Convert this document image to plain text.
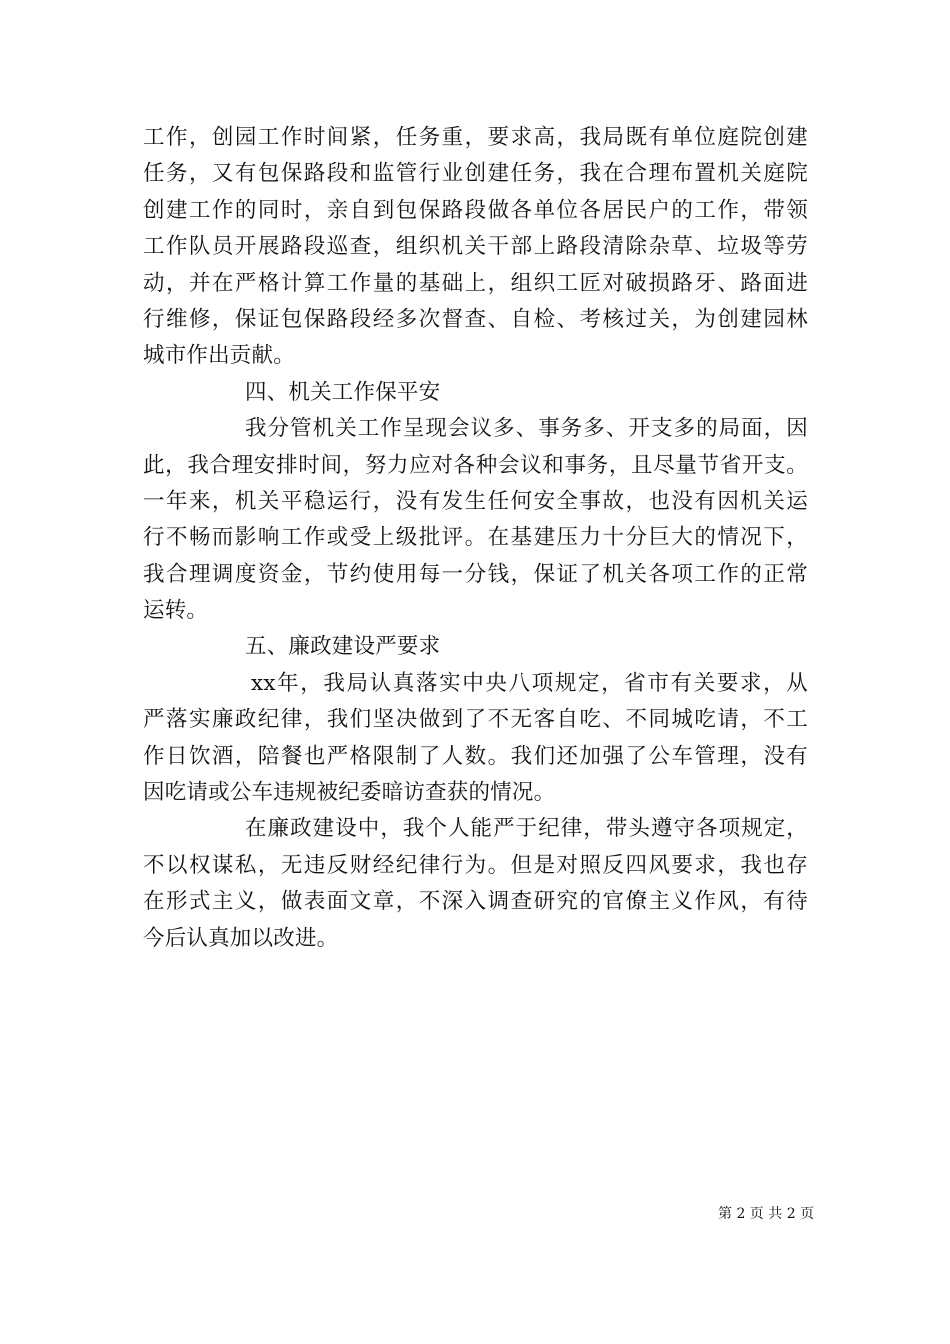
工作，创园工作时间紧，任务重，要求高，我局既有单位庭院创建
任务，又有包保路段和监管行业创建任务，我在合理布置机关庭院
创建工作的同时，亲自到包保路段做各单位各居民户的工作，带领
工作队员开展路段巡查，组织机关干部上路段清除杂草、垃圾等劳
动，并在严格计算工作量的基础上，组织工匠对破损路牙、路面进
行维修，保证包保路段经多次督查、自检、考核过关，为创建园林
城市作出贡献。
四、机关工作保平安
我分管机关工作呈现会议多、事务多、开支多的局面，因
此，我合理安排时间，努力应对各种会议和事务，且尽量节省开支。
一年来，机关平稳运行，没有发生任何安全事故，也没有因机关运
行不畅而影响工作或受上级批评。在基建压力十分巨大的情况下，
我合理调度资金，节约使用每一分钱，保证了机关各项工作的正常
运转。
五、廉政建设严要求
xx年，我局认真落实中央八项规定，省市有关要求，从
严落实廉政纪律，我们坚决做到了不无客自吃、不同城吃请，不工
作日饮酒，陪餐也严格限制了人数。我们还加强了公车管理，没有
因吃请或公车违规被纪委暗访查获的情况。
在廉政建设中，我个人能严于纪律，带头遵守各项规定，
不以权谋私，无违反财经纪律行为。但是对照反四风要求，我也存
在形式主义，做表面文章，不深入调查研究的官僚主义作风，有待
今后认真加以改进。
第 2 页 共 2 页
